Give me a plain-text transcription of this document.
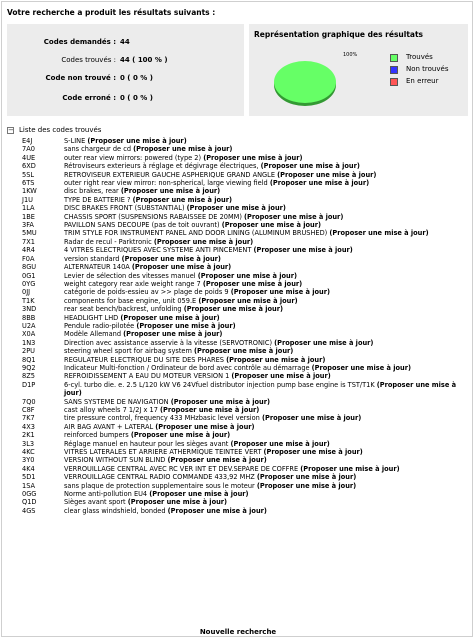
Votre recherche a produit les résultats suivants :
Codes demandés : 44
Codes trouvés : 44 ( 100 % )
Code non trouvé : 0 ( 0 % )
Code erroné : 0 ( 0 % )
Représentation graphique des résultats
100%	Trouvés
Non trouvés
En erreur
− Liste des codes trouvés
E4J	S-LINE (Proposer une mise à jour)
7A0	sans chargeur de cd (Proposer une mise à jour)
4UE	outer rear view mirrors: powered (type 2) (Proposer une mise à jour)
6XD	Rétroviseurs exterieurs à réglage et dégivrage électriques, (Proposer une mise à jour)
5SL	RETROVISEUR EXTERIEUR GAUCHE ASPHERIQUE GRAND ANGLE (Proposer une mise à jour)
6TS	outer right rear view mirror: non-spherical, large viewing field (Proposer une mise à jour)
1KW	disc brakes, rear (Proposer une mise à jour)
J1U	TYPE DE BATTERIE ? (Proposer une mise à jour)
1LA	DISC BRAKES FRONT (SUBSTANTIAL) (Proposer une mise à jour)
1BE	CHASSIS SPORT (SUSPENSIONS RABAISSEE DE 20MM) (Proposer une mise à jour)
3FA	PAVILLON SANS DECOUPE (pas de toit ouvrant) (Proposer une mise à jour)
5MU	TRIM STYLE FOR INSTRUMENT PANEL AND DOOR LINING (ALUMINUM BRUSHED) (Proposer une mise à jour)
7X1	Radar de recul - Parktronic (Proposer une mise à jour)
4R4	4 VITRES ELECTRIQUES AVEC SYSTEME ANTI PINCEMENT (Proposer une mise à jour)
F0A	version standard (Proposer une mise à jour)
8GU	ALTERNATEUR 140A (Proposer une mise à jour)
0G1	Levier de sélection des vitesses manuel (Proposer une mise à jour)
0YG	weight category rear axle weight range 7 (Proposer une mise à jour)
0JJ	catégorie de poids-essieu av >> plage de poids 9 (Proposer une mise à jour)
T1K	components for base engine, unit 059.E (Proposer une mise à jour)
3ND	rear seat bench/backrest, unfolding (Proposer une mise à jour)
8BB	HEADLIGHT LHD (Proposer une mise à jour)
U2A	Pendule radio-pilotée (Proposer une mise à jour)
X0A	Modèle Allemand (Proposer une mise à jour)
1N3	Direction avec assistance asservie à la vitesse (SERVOTRONIC) (Proposer une mise à jour)
2PU	steering wheel sport for airbag system (Proposer une mise à jour)
8Q1	REGULATEUR ELECTRIQUE DU SITE DES PHARES (Proposer une mise à jour)
9Q2	Indicateur Multi-fonction / Ordinateur de bord avec contrôle au démarrage (Proposer une mise à jour)
8Z5	REFROIDISSEMENT A EAU DU MOTEUR VERSION 1 (Proposer une mise à jour)
D1P	6-cyl. turbo die. e. 2.5 L/120 kW V6 24Vfuel distributor injection pump base engine is TST/T1K (Proposer une mise à jour)
7Q0	SANS SYSTEME DE NAVIGATION (Proposer une mise à jour)
C8F	cast alloy wheels 7 1/2J x 17 (Proposer une mise à jour)
7K7	tire pressure control, frequency 433 MHzbasic level version (Proposer une mise à jour)
4X3	AIR BAG AVANT + LATERAL (Proposer une mise à jour)
2K1	reinforced bumpers (Proposer une mise à jour)
3L3	Réglage manuel en hauteur pour les sièges avant (Proposer une mise à jour)
4KC	VITRES LATERALES ET ARRIERE ATHERMIQUE TEINTEE VERT (Proposer une mise à jour)
3Y0	VERSION WITHOUT SUN BLIND (Proposer une mise à jour)
4K4	VERROUILLAGE CENTRAL AVEC RC VER INT ET DEV.SEPARE DE COFFRE (Proposer une mise à jour)
5D1	VERROUILLAGE CENTRAL RADIO COMMANDE 433,92 MHZ (Proposer une mise à jour)
1SA	sans plaque de protection supplementaire sous le moteur (Proposer une mise à jour)
0GG	Norme anti-pollution EU4 (Proposer une mise à jour)
Q1D	Sièges avant sport (Proposer une mise à jour)
4GS	clear glass windshield, bonded (Proposer une mise à jour)
Nouvelle recherche
